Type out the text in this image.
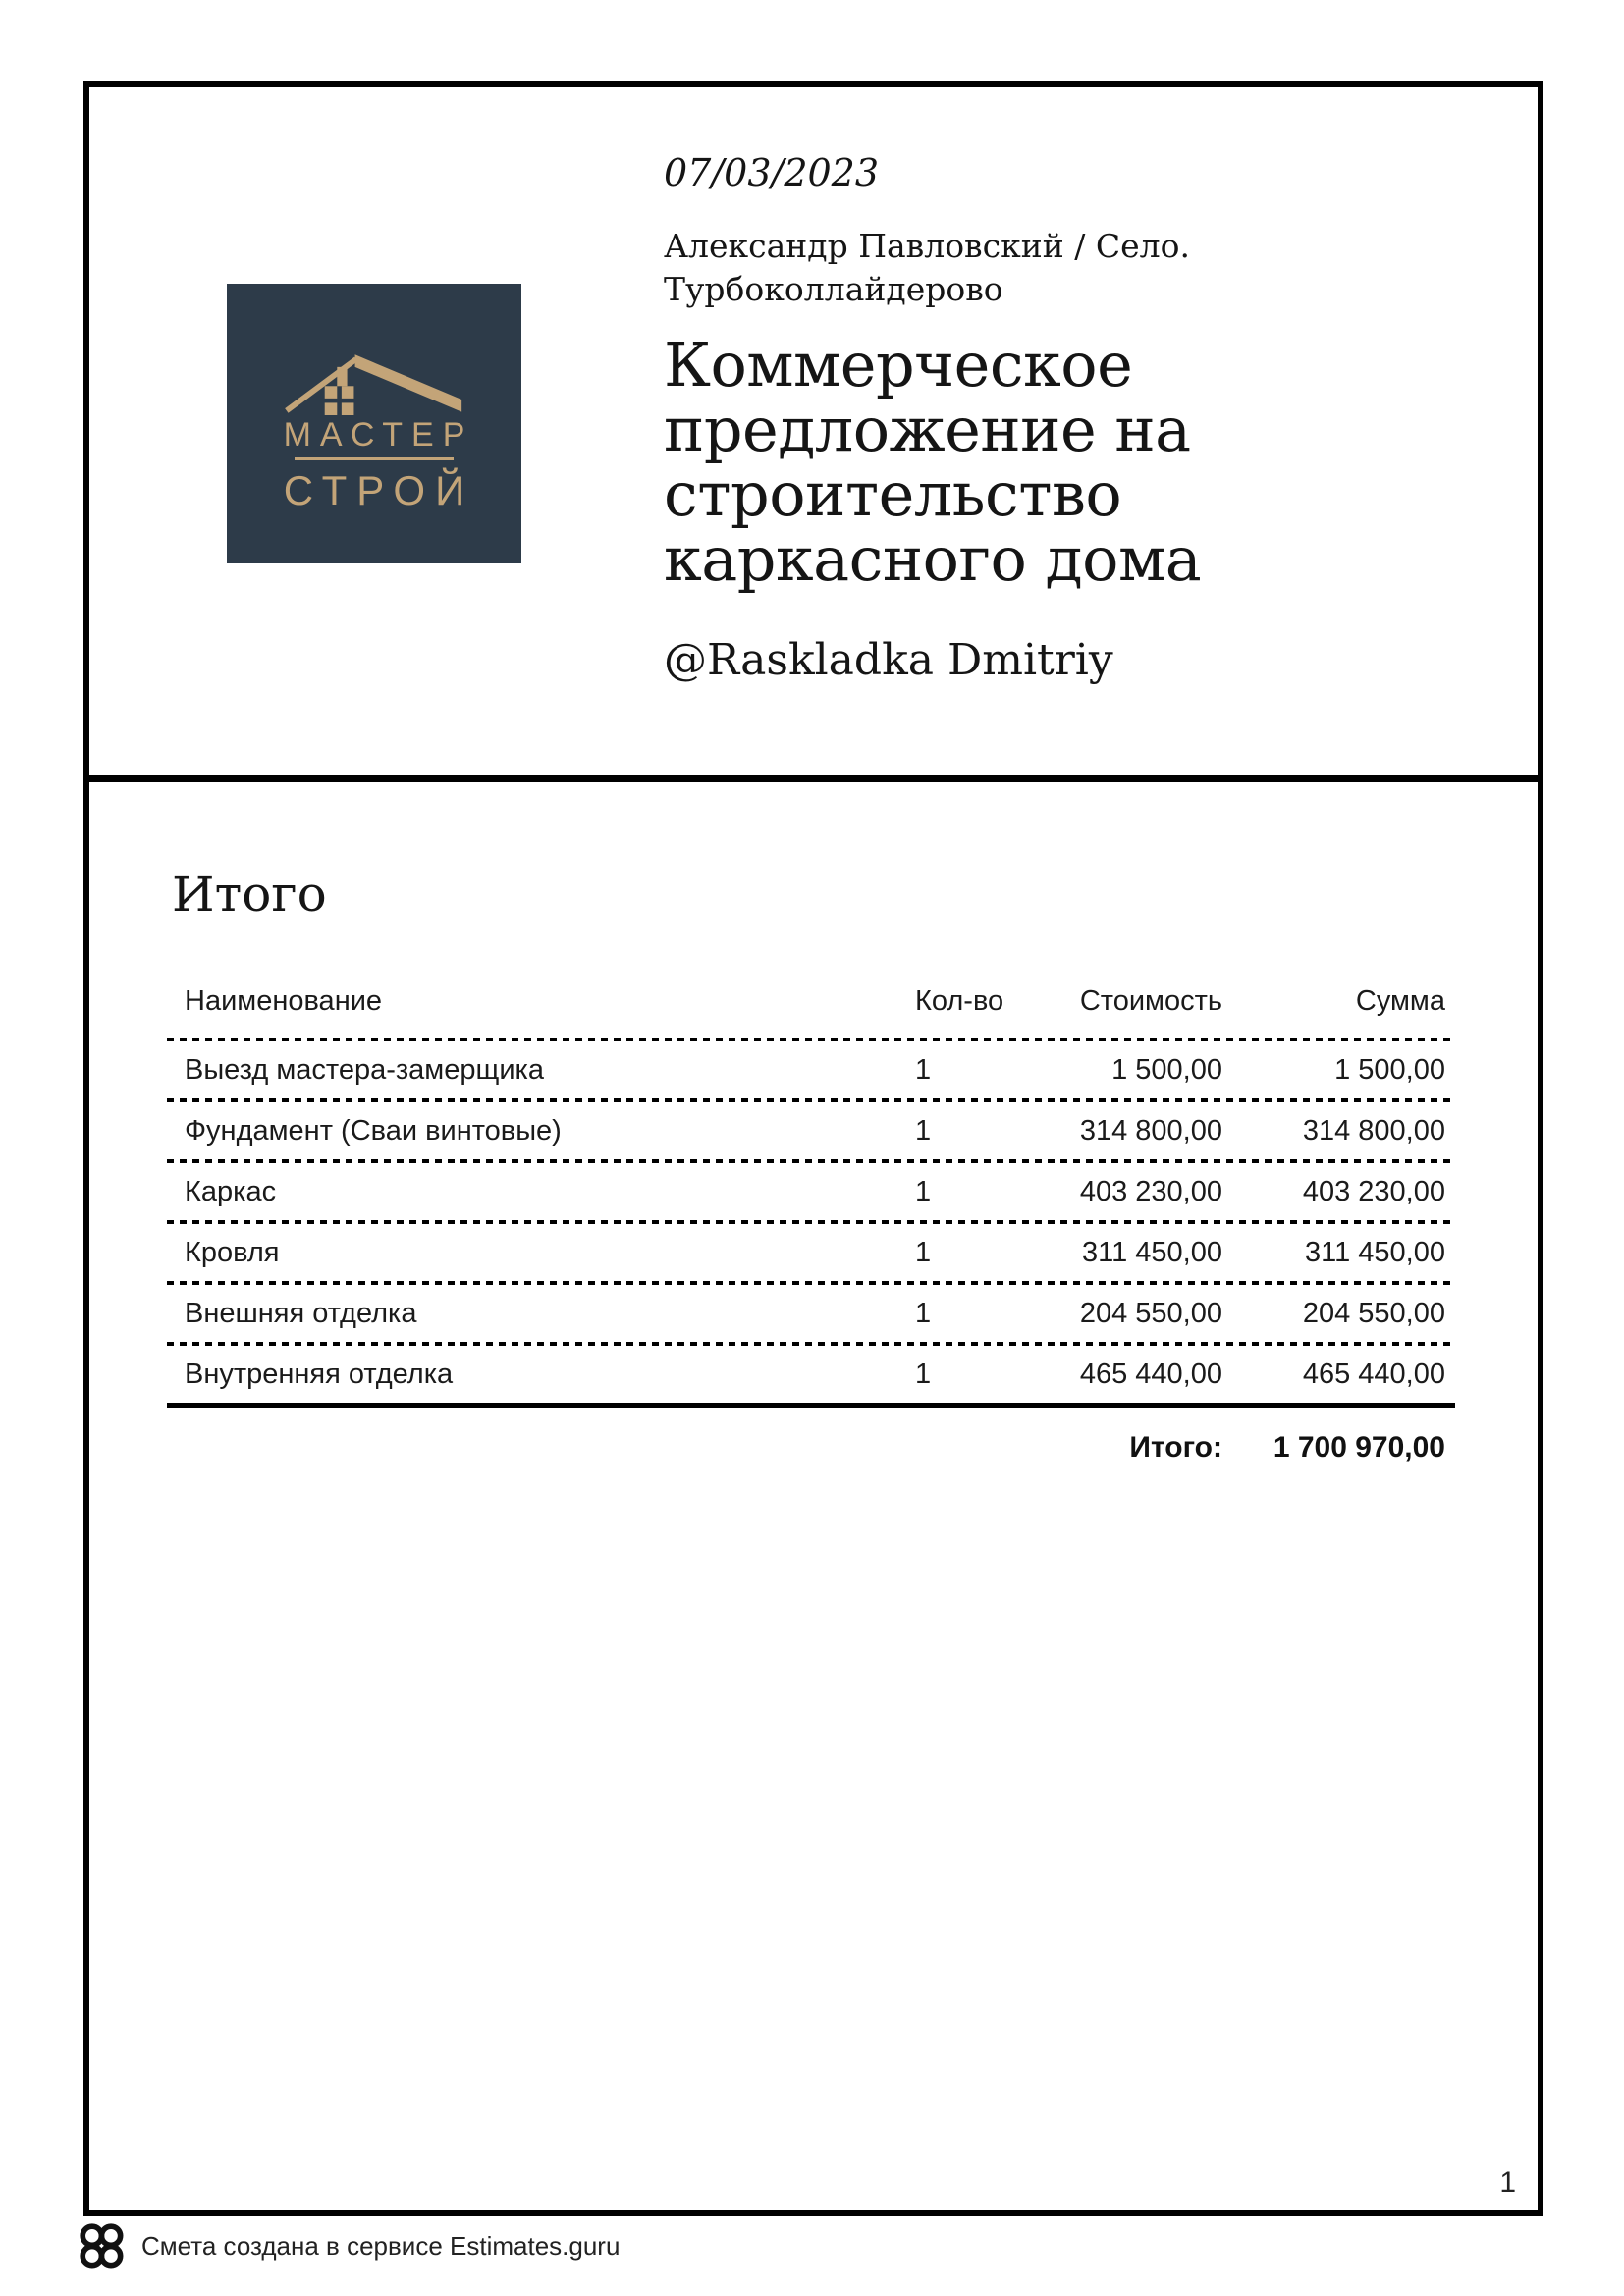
МАСТЕР
СТРОЙ
07/03/2023
Александр Павловский / Село. Турбоколлайдерово
Коммерческое предложение на строительство каркасного дома
@Raskladka Dmitriy
Итого
Наименование	Кол-во	Стоимость	Сумма
Выезд мастера-замерщика	1	1 500,00	1 500,00
Фундамент (Сваи винтовые)	1	314 800,00	314 800,00
Каркас	1	403 230,00	403 230,00
Кровля	1	311 450,00	311 450,00
Внешняя отделка	1	204 550,00	204 550,00
Внутренняя отделка	1	465 440,00	465 440,00
Итого:	1 700 970,00
1
Смета создана в сервисе Estimates.guru
